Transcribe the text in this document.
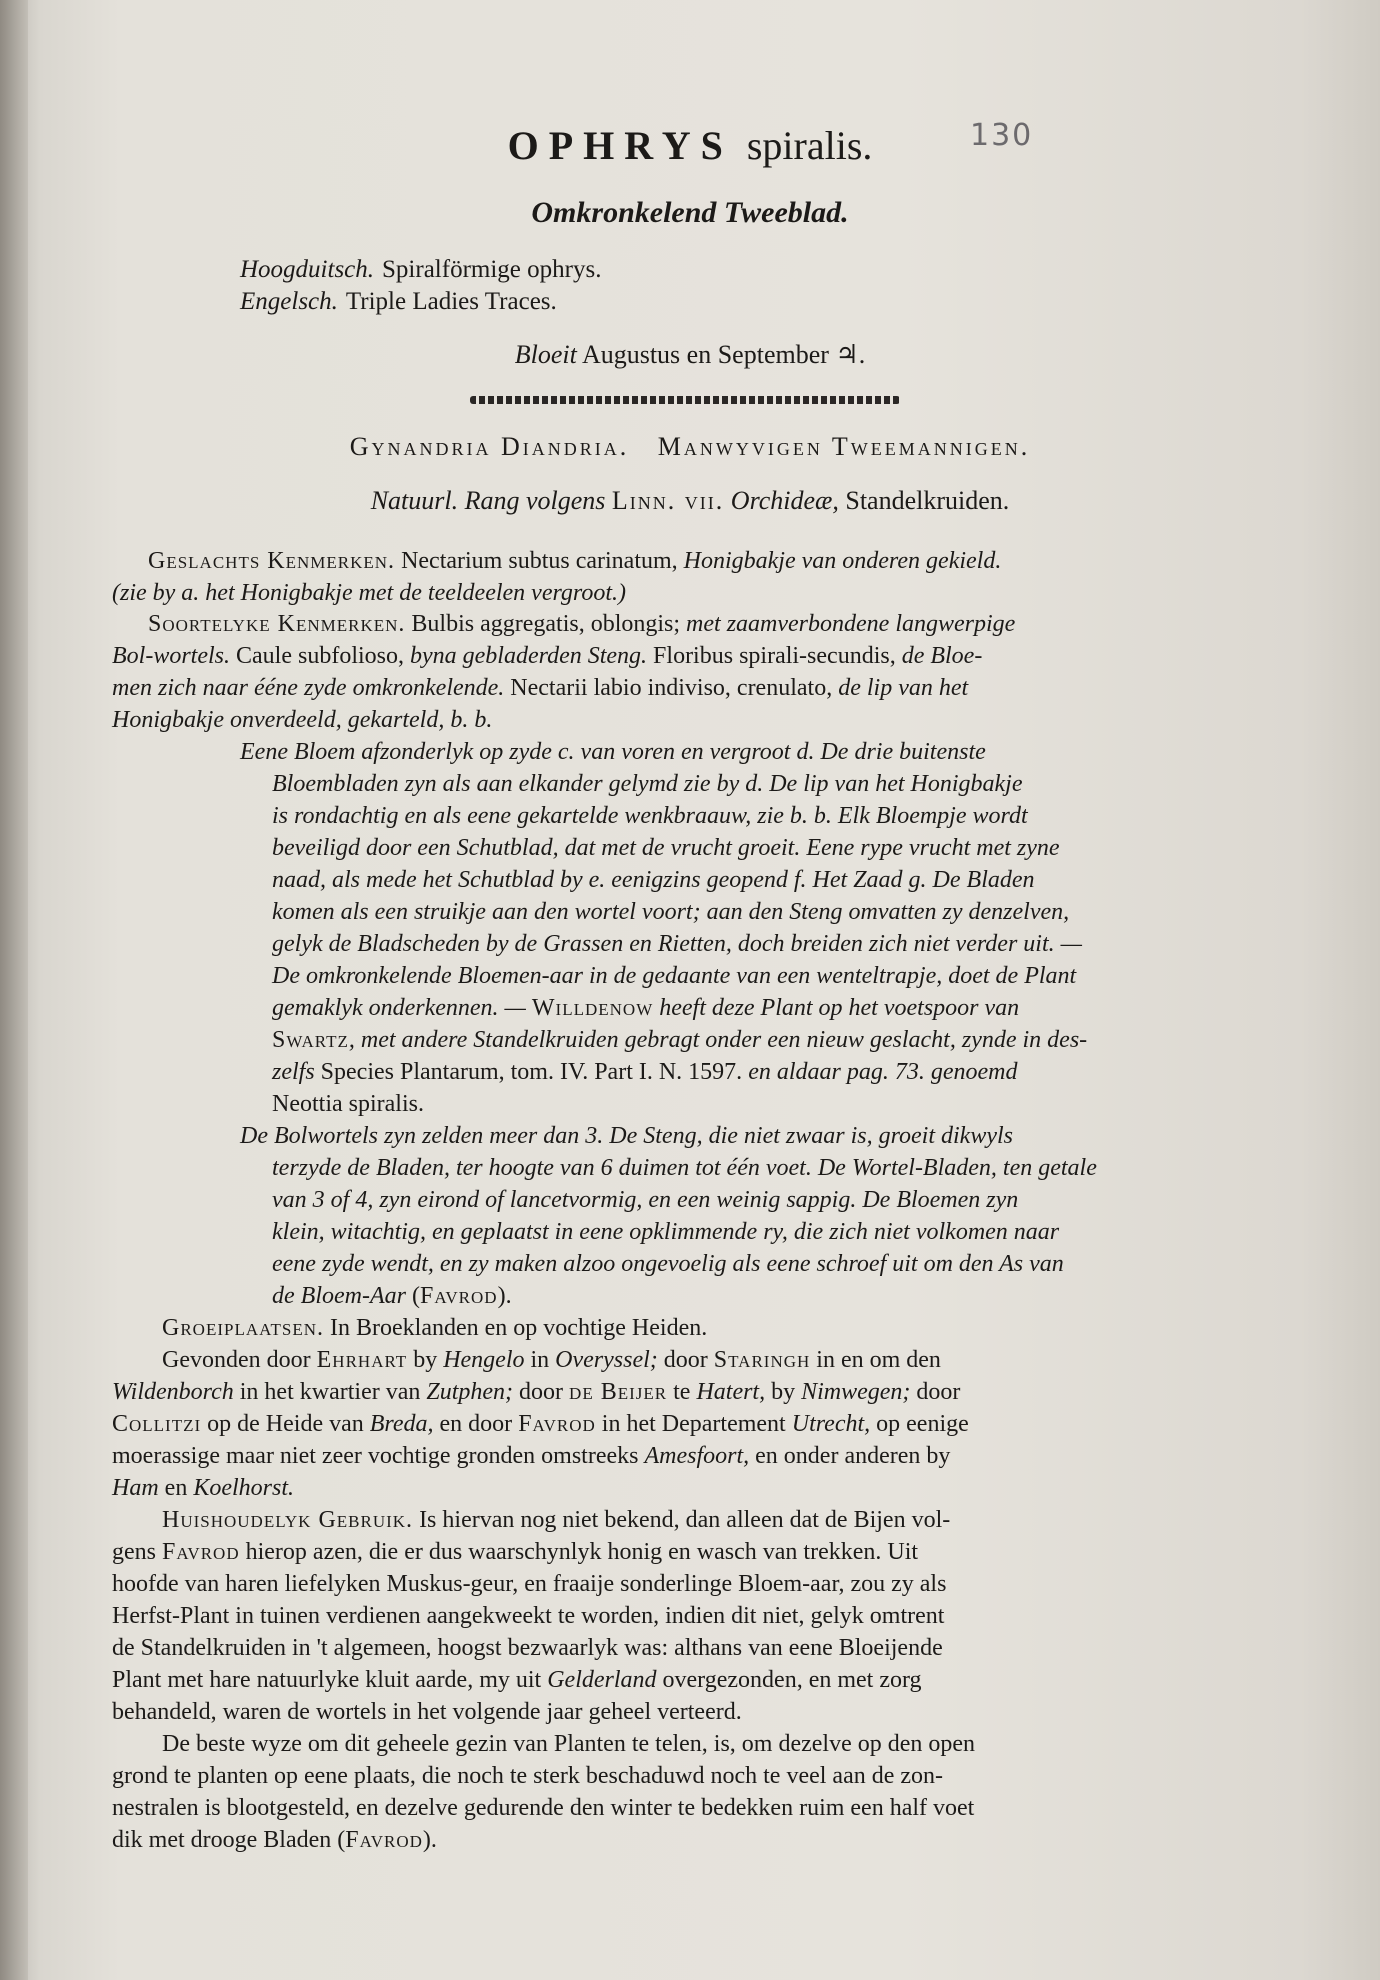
OPHRYS spiralis.	130
Omkronkelend Tweeblad.
Hoogduitsch. Spiralförmige ophrys.
Engelsch. Triple Ladies Traces.
Bloeit Augustus en September ♃.
Gynandria Diandria. Manwyvigen Tweemannigen.
Natuurl. Rang volgens Linn. vii. Orchideæ, Standelkruiden.
Geslachts Kenmerken. Nectarium subtus carinatum, Honigbakje van onderen gekield.
(zie by a. het Honigbakje met de teeldeelen vergroot.)
Soortelyke Kenmerken. Bulbis aggregatis, oblongis; met zaamverbondene langwerpige
Bol-wortels. Caule subfolioso, byna gebladerden Steng. Floribus spirali-secundis, de Bloe-
men zich naar ééne zyde omkronkelende. Nectarii labio indiviso, crenulato, de lip van het
Honigbakje onverdeeld, gekarteld, b. b.
Eene Bloem afzonderlyk op zyde c. van voren en vergroot d. De drie buitenste
Bloembladen zyn als aan elkander gelymd zie by d. De lip van het Honigbakje
is rondachtig en als eene gekartelde wenkbraauw, zie b. b. Elk Bloempje wordt
beveiligd door een Schutblad, dat met de vrucht groeit. Eene rype vrucht met zyne
naad, als mede het Schutblad by e. eenigzins geopend f. Het Zaad g. De Bladen
komen als een struikje aan den wortel voort; aan den Steng omvatten zy denzelven,
gelyk de Bladscheden by de Grassen en Rietten, doch breiden zich niet verder uit. —
De omkronkelende Bloemen-aar in de gedaante van een wenteltrapje, doet de Plant
gemaklyk onderkennen. — Willdenow heeft deze Plant op het voetspoor van
Swartz, met andere Standelkruiden gebragt onder een nieuw geslacht, zynde in des-
zelfs Species Plantarum, tom. IV. Part I. N. 1597. en aldaar pag. 73. genoemd
Neottia spiralis.
De Bolwortels zyn zelden meer dan 3. De Steng, die niet zwaar is, groeit dikwyls
terzyde de Bladen, ter hoogte van 6 duimen tot één voet. De Wortel-Bladen, ten getale
van 3 of 4, zyn eirond of lancetvormig, en een weinig sappig. De Bloemen zyn
klein, witachtig, en geplaatst in eene opklimmende ry, die zich niet volkomen naar
eene zyde wendt, en zy maken alzoo ongevoelig als eene schroef uit om den As van
de Bloem-Aar (Favrod).
Groeiplaatsen. In Broeklanden en op vochtige Heiden.
Gevonden door Ehrhart by Hengelo in Overyssel; door Staringh in en om den
Wildenborch in het kwartier van Zutphen; door de Beijer te Hatert, by Nimwegen; door
Collitzi op de Heide van Breda, en door Favrod in het Departement Utrecht, op eenige
moerassige maar niet zeer vochtige gronden omstreeks Amesfoort, en onder anderen by
Ham en Koelhorst.
Huishoudelyk Gebruik. Is hiervan nog niet bekend, dan alleen dat de Bijen vol-
gens Favrod hierop azen, die er dus waarschynlyk honig en wasch van trekken. Uit
hoofde van haren liefelyken Muskus-geur, en fraaije sonderlinge Bloem-aar, zou zy als
Herfst-Plant in tuinen verdienen aangekweekt te worden, indien dit niet, gelyk omtrent
de Standelkruiden in 't algemeen, hoogst bezwaarlyk was: althans van eene Bloeijende
Plant met hare natuurlyke kluit aarde, my uit Gelderland overgezonden, en met zorg
behandeld, waren de wortels in het volgende jaar geheel verteerd.
De beste wyze om dit geheele gezin van Planten te telen, is, om dezelve op den open
grond te planten op eene plaats, die noch te sterk beschaduwd noch te veel aan de zon-
nestralen is blootgesteld, en dezelve gedurende den winter te bedekken ruim een half voet
dik met drooge Bladen (Favrod).
